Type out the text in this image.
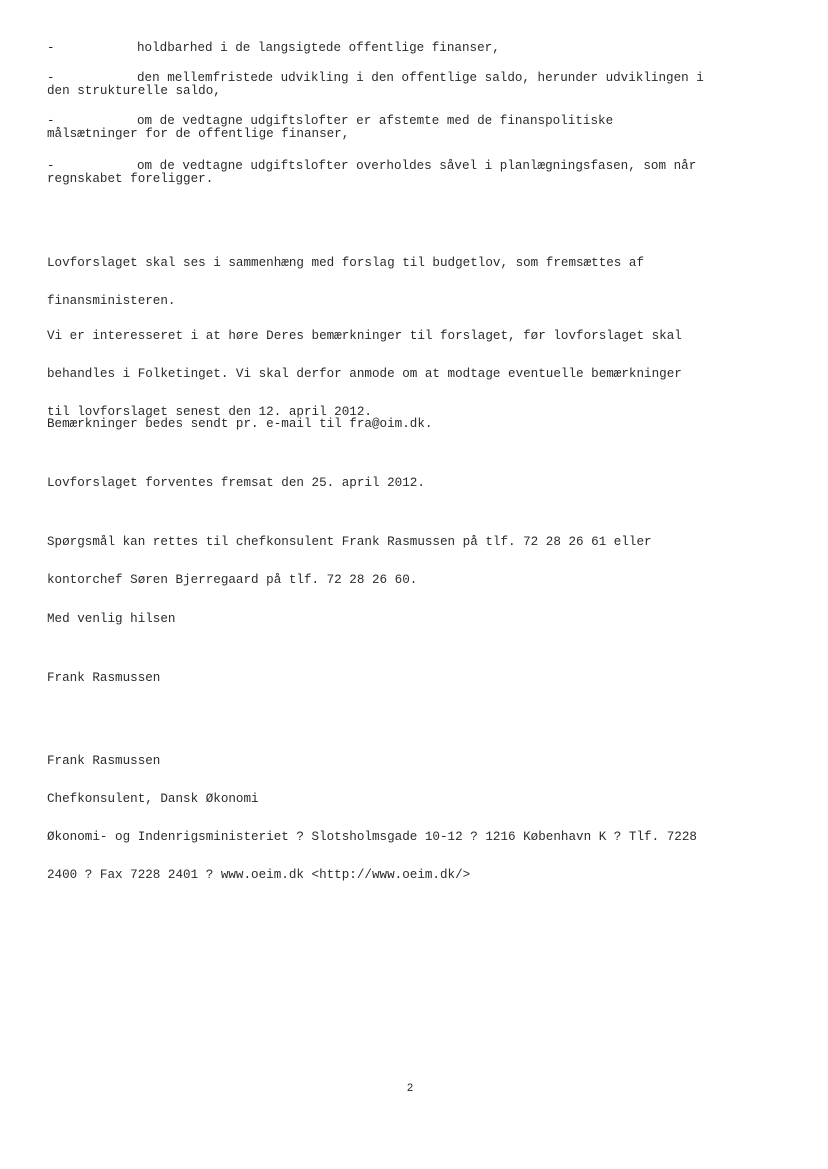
-	holdbarhed i de langsigtede offentlige finanser,
-	den mellemfristede udvikling i den offentlige saldo, herunder udviklingen i
den strukturelle saldo,
-	om de vedtagne udgiftslofter er afstemte med de finanspolitiske
målsætninger for de offentlige finanser,
-	om de vedtagne udgiftslofter overholdes såvel i planlægningsfasen, som når
regnskabet foreligger.

Lovforslaget skal ses i sammenhæng med forslag til budgetlov, som fremsættes af

finansministeren.

Vi er interesseret i at høre Deres bemærkninger til forslaget, før lovforslaget skal

behandles i Folketinget. Vi skal derfor anmode om at modtage eventuelle bemærkninger

til lovforslaget senest den 12. april 2012.

Bemærkninger bedes sendt pr. e-mail til fra@oim.dk.

Lovforslaget forventes fremsat den 25. april 2012.

Spørgsmål kan rettes til chefkonsulent Frank Rasmussen på tlf. 72 28 26 61 eller

kontorchef Søren Bjerregaard på tlf. 72 28 26 60.

Med venlig hilsen
Frank Rasmussen

Frank Rasmussen

Chefkonsulent, Dansk Økonomi

Økonomi- og Indenrigsministeriet ? Slotsholmsgade 10-12 ? 1216 København K ? Tlf. 7228

2400 ? Fax 7228 2401 ? www.oeim.dk <http://www.oeim.dk/>

2
